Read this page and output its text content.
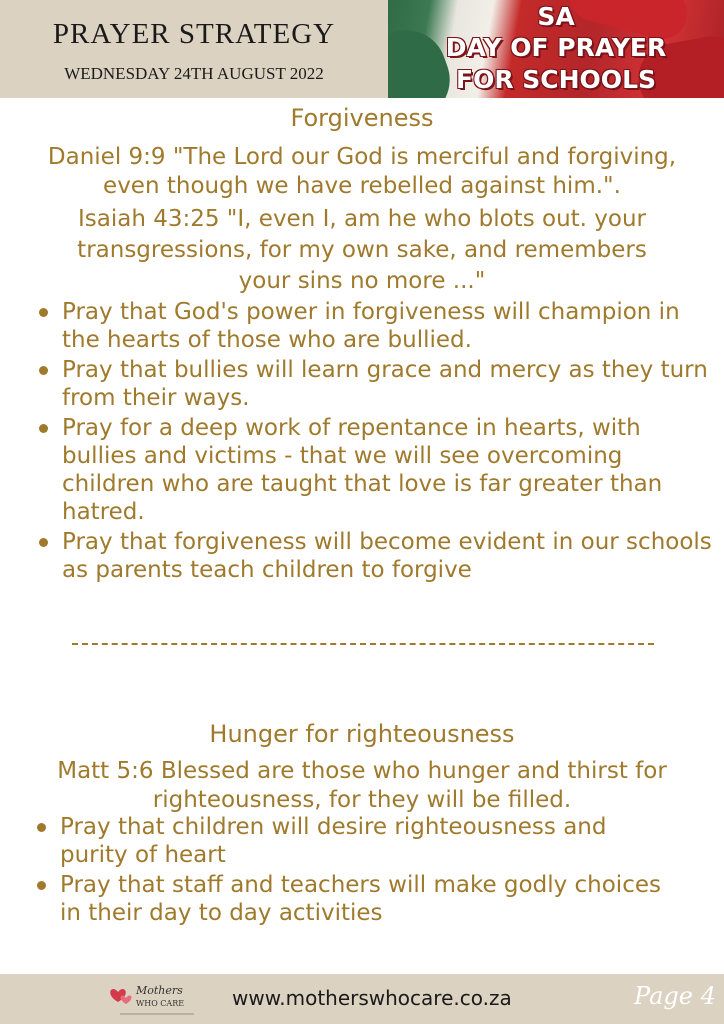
PRAYER STRATEGY
WEDNESDAY 24TH AUGUST 2022
SA
DAY OF PRAYER
FOR SCHOOLS
Forgiveness
Daniel 9:9 "The Lord our God is merciful and forgiving,
even though we have rebelled against him.".
Isaiah 43:25 "I, even I, am he who blots out. your
transgressions, for my own sake, and remembers
your sins no more ..."
Pray that God's power in forgiveness will champion in the hearts of those who are bullied.
Pray that bullies will learn grace and mercy as they turn from their ways.
Pray for a deep work of repentance in hearts, with bullies and victims - that we will see overcoming children who are taught that love is far greater than hatred.
Pray that forgiveness will become evident in our schools as parents teach children to forgive
Hunger for righteousness
Matt 5:6 Blessed are those who hunger and thirst for
righteousness, for they will be filled.
Pray that children will desire righteousness and purity of heart
Pray that staff and teachers will make godly choices in their day to day activities
Mothers
WHO CARE www.motherswhocare.co.za	Page 4
